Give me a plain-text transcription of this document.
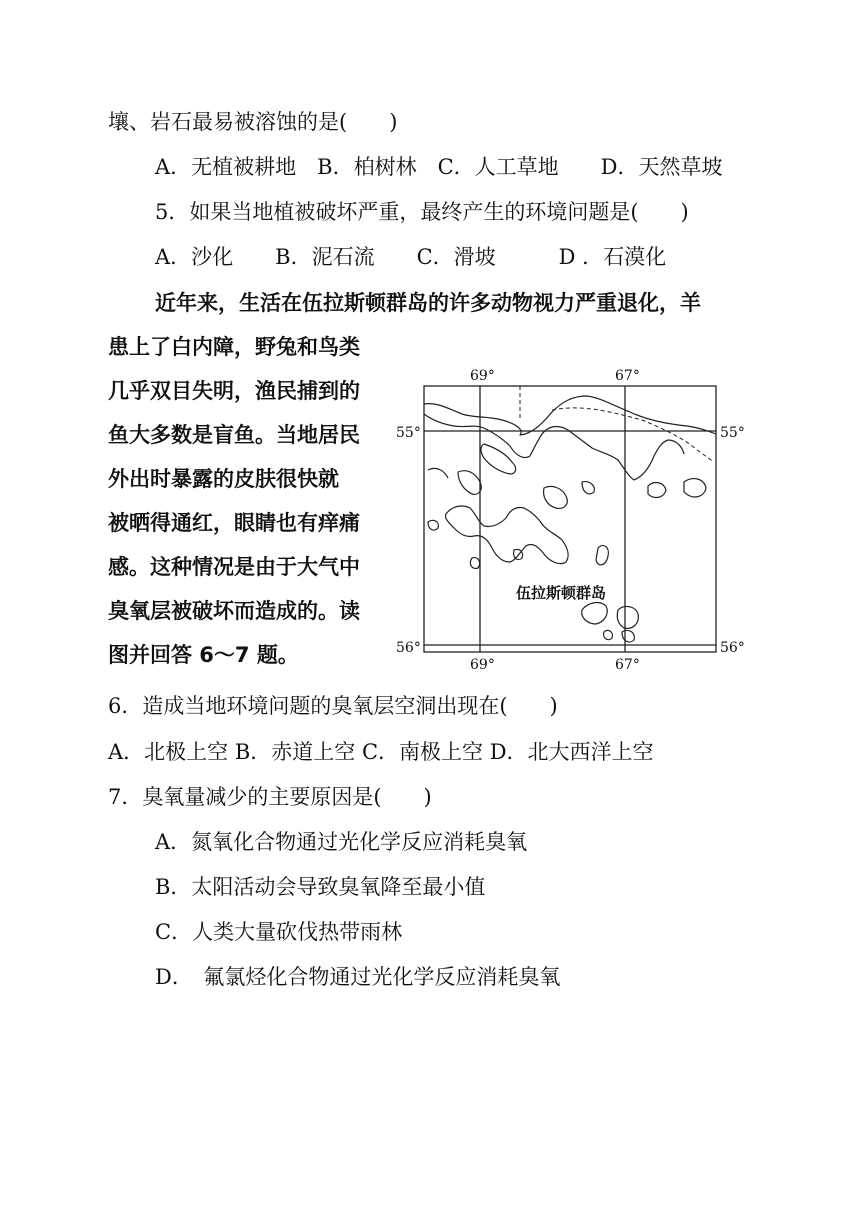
壤、岩石最易被溶蚀的是(　　)
A．无植被耕地　B．柏树林　C．人工草地　　D．天然草坡
5．如果当地植被破坏严重，最终产生的环境问题是(　　)
A．沙化　　B．泥石流　　C．滑坡　　　D ．石漠化
近年来，生活在伍拉斯顿群岛的许多动物视力严重退化，羊
患上了白内障，野兔和鸟类
几乎双目失明，渔民捕到的
鱼大多数是盲鱼。当地居民
外出时暴露的皮肤很快就
被晒得通红，眼睛也有痒痛
感。这种情况是由于大气中
臭氧层被破坏而造成的。读
图并回答 6～7 题。
69°	67°
69°	67°
55°	55°
56°	56°
伍拉斯顿群岛
6．造成当地环境问题的臭氧层空洞出现在(　　)
A．北极上空 B．赤道上空 C．南极上空 D．北大西洋上空
7．臭氧量减少的主要原因是(　　)
A．氮氧化合物通过光化学反应消耗臭氧
B．太阳活动会导致臭氧降至最小值
C．人类大量砍伐热带雨林
D．　氟氯烃化合物通过光化学反应消耗臭氧
